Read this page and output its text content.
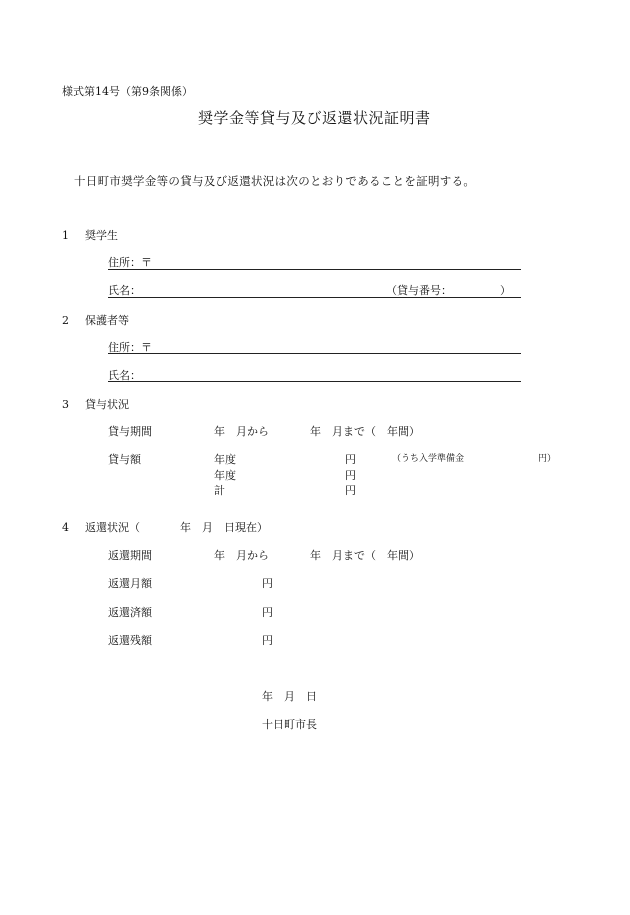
様式第14号（第9条関係）
奨学金等貸与及び返還状況証明書
十日町市奨学金等の貸与及び返還状況は次のとおりであることを証明する。
1 奨学生
住所：〒
氏名：	（貸与番号：	）
2 保護者等
住所：〒
氏名：
3 貸与状況
貸与期間	年　月から	年　月まで（　年間）
貸与額	年度	円	（うち入学準備金	円）
年度	円
計	円
4 返還状況（	年　月　日現在）
返還期間	年　月から	年　月まで（　年間）
返還月額	円
返還済額	円
返還残額	円
年　月　日
十日町市長
